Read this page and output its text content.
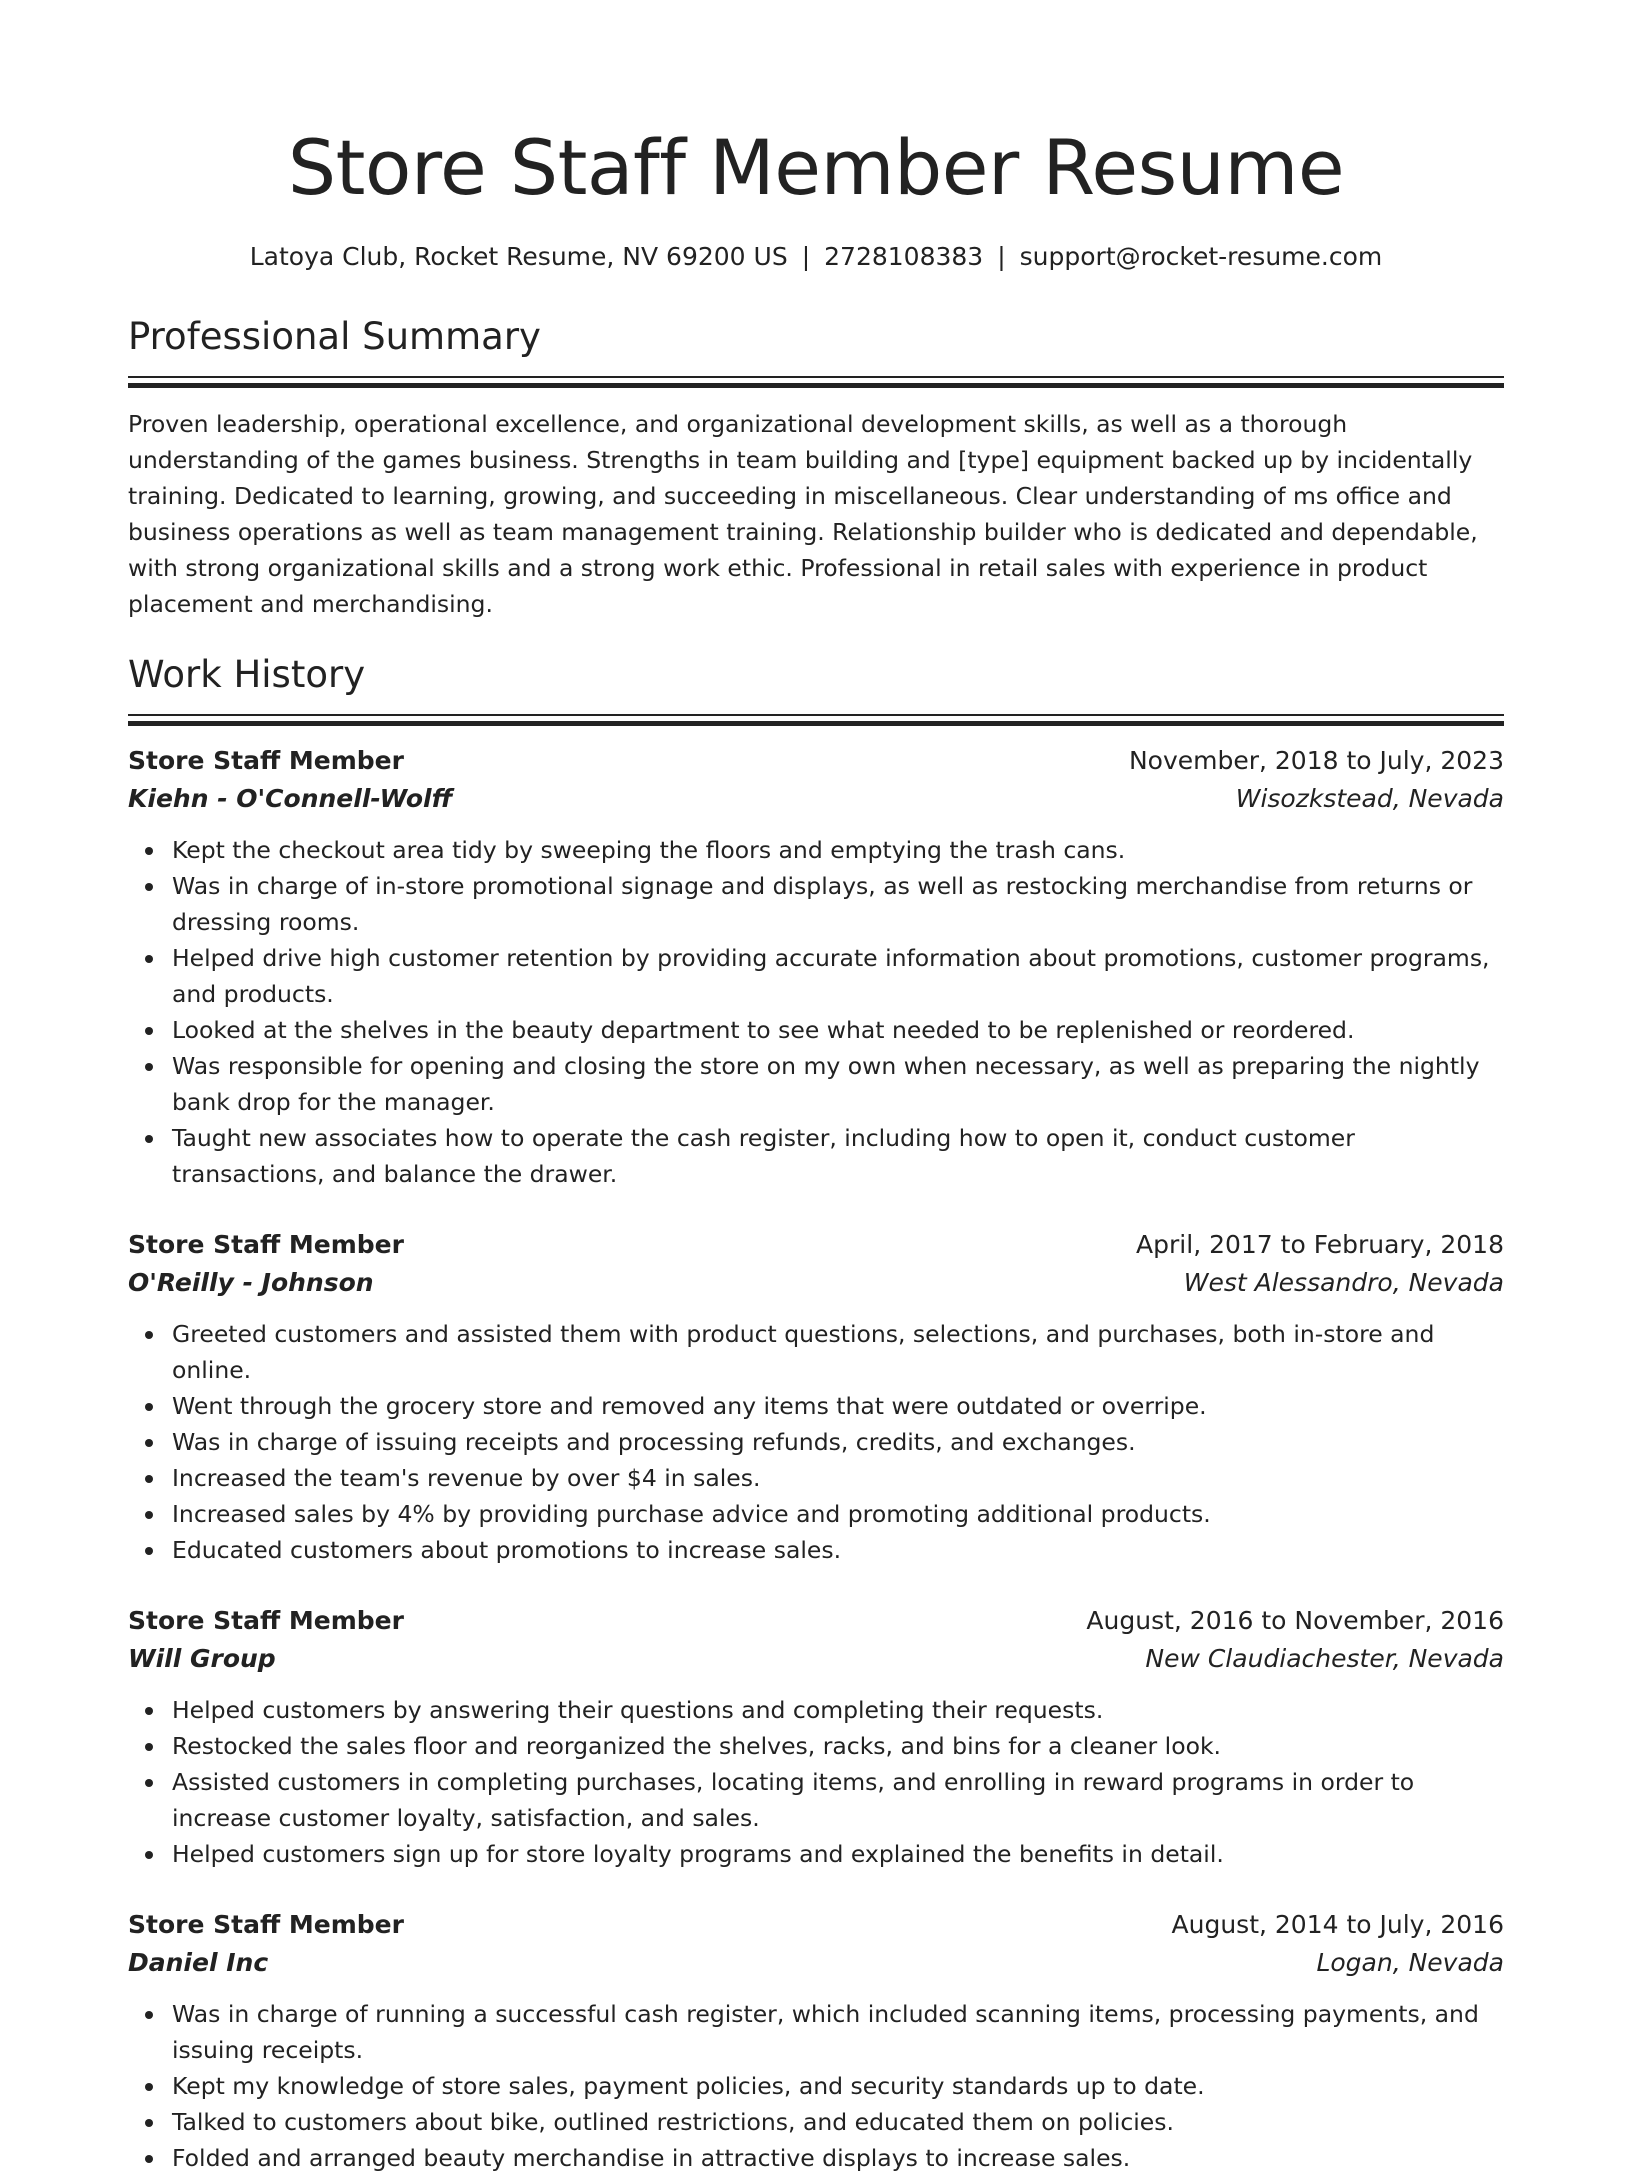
Store Staff Member Resume
Latoya Club, Rocket Resume, NV 69200 US | 2728108383 | support@rocket-resume.com
Professional Summary

Proven leadership, operational excellence, and organizational development skills, as well as a thorough understanding of the games business. Strengths in team building and [type] equipment backed up by incidentally training. Dedicated to learning, growing, and succeeding in miscellaneous. Clear understanding of ms office and business operations as well as team management training. Relationship builder who is dedicated and dependable, with strong organizational skills and a strong work ethic. Professional in retail sales with experience in product placement and merchandising.

Work History
Store Staff Member	November, 2018 to July, 2023
Kiehn - O'Connell-Wolff	Wisozkstead, Nevada
Kept the checkout area tidy by sweeping the floors and emptying the trash cans.
Was in charge of in-store promotional signage and displays, as well as restocking merchandise from returns or dressing rooms.
Helped drive high customer retention by providing accurate information about promotions, customer programs, and products.
Looked at the shelves in the beauty department to see what needed to be replenished or reordered.
Was responsible for opening and closing the store on my own when necessary, as well as preparing the nightly bank drop for the manager.
Taught new associates how to operate the cash register, including how to open it, conduct customer transactions, and balance the drawer.
Store Staff Member	April, 2017 to February, 2018
O'Reilly - Johnson	West Alessandro, Nevada
Greeted customers and assisted them with product questions, selections, and purchases, both in-store and online.
Went through the grocery store and removed any items that were outdated or overripe.
Was in charge of issuing receipts and processing refunds, credits, and exchanges.
Increased the team's revenue by over $4 in sales.
Increased sales by 4% by providing purchase advice and promoting additional products.
Educated customers about promotions to increase sales.
Store Staff Member	August, 2016 to November, 2016
Will Group	New Claudiachester, Nevada
Helped customers by answering their questions and completing their requests.
Restocked the sales floor and reorganized the shelves, racks, and bins for a cleaner look.
Assisted customers in completing purchases, locating items, and enrolling in reward programs in order to increase customer loyalty, satisfaction, and sales.
Helped customers sign up for store loyalty programs and explained the benefits in detail.
Store Staff Member	August, 2014 to July, 2016
Daniel Inc	Logan, Nevada
Was in charge of running a successful cash register, which included scanning items, processing payments, and issuing receipts.
Kept my knowledge of store sales, payment policies, and security standards up to date.
Talked to customers about bike, outlined restrictions, and educated them on policies.
Folded and arranged beauty merchandise in attractive displays to increase sales.
